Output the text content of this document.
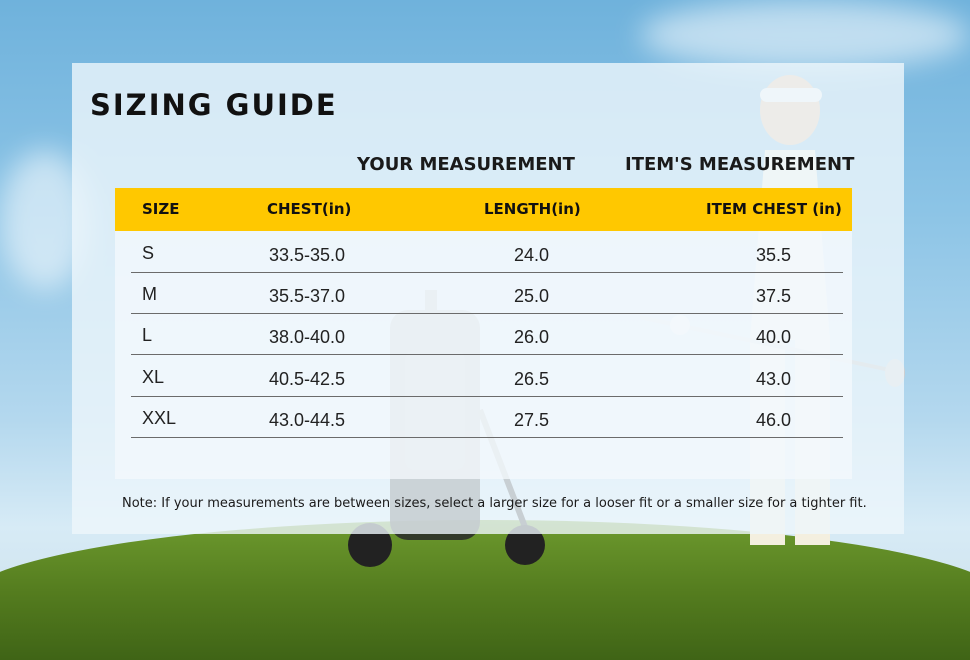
SIZING GUIDE
YOUR MEASUREMENT	ITEM'S MEASUREMENT
SIZE	CHEST(in)	LENGTH(in)	ITEM CHEST (in)
S	33.5-35.0	24.0	35.5
M	35.5-37.0	25.0	37.5
L	38.0-40.0	26.0	40.0
XL	40.5-42.5	26.5	43.0
XXL	43.0-44.5	27.5	46.0
Note: If your measurements are between sizes, select a larger size for a looser fit or a smaller size for a tighter fit.
